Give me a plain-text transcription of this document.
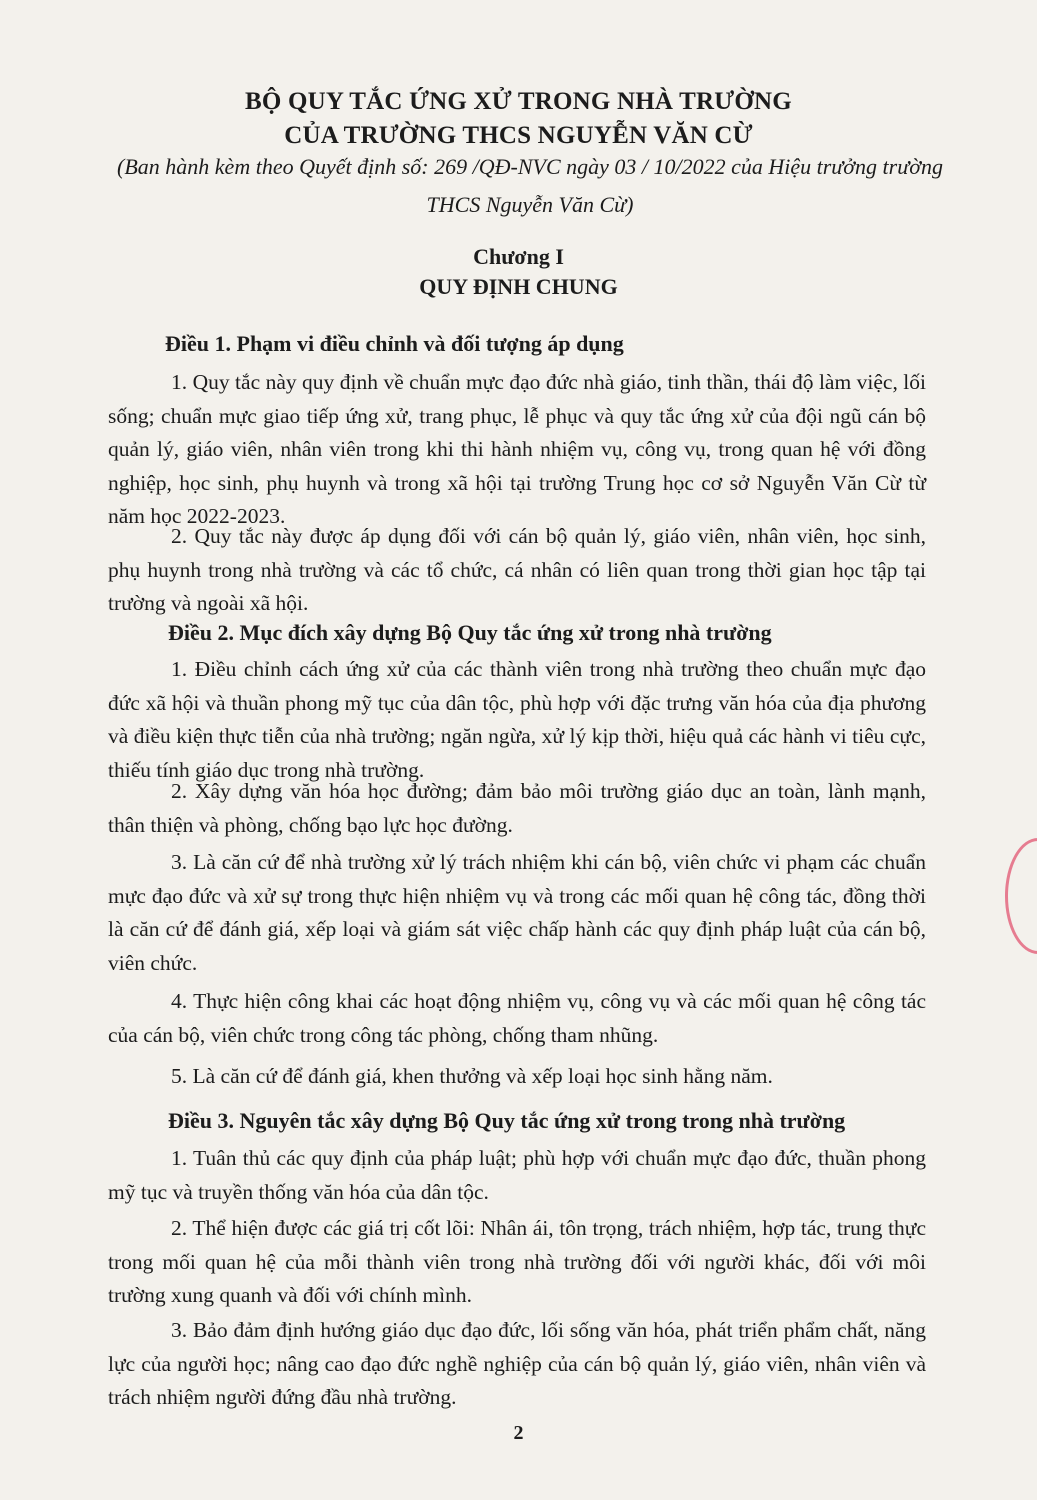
BỘ QUY TẮC ỨNG XỬ TRONG NHÀ TRƯỜNG
CỦA TRƯỜNG THCS NGUYỄN VĂN CỪ
(Ban hành kèm theo Quyết định số: 269 /QĐ-NVC ngày 03 / 10/2022 của Hiệu trưởng trường THCS Nguyễn Văn Cừ)
Chương I
QUY ĐỊNH CHUNG
Điều 1. Phạm vi điều chỉnh và đối tượng áp dụng
1. Quy tắc này quy định về chuẩn mực đạo đức nhà giáo, tinh thần, thái độ làm việc, lối sống; chuẩn mực giao tiếp ứng xử, trang phục, lễ phục và quy tắc ứng xử của đội ngũ cán bộ quản lý, giáo viên, nhân viên trong khi thi hành nhiệm vụ, công vụ, trong quan hệ với đồng nghiệp, học sinh, phụ huynh và trong xã hội tại trường Trung học cơ sở Nguyễn Văn Cừ từ năm học 2022-2023.
2. Quy tắc này được áp dụng đối với cán bộ quản lý, giáo viên, nhân viên, học sinh, phụ huynh trong nhà trường và các tổ chức, cá nhân có liên quan trong thời gian học tập tại trường và ngoài xã hội.
Điều 2. Mục đích xây dựng Bộ Quy tắc ứng xử trong nhà trường
1. Điều chỉnh cách ứng xử của các thành viên trong nhà trường theo chuẩn mực đạo đức xã hội và thuần phong mỹ tục của dân tộc, phù hợp với đặc trưng văn hóa của địa phương và điều kiện thực tiễn của nhà trường; ngăn ngừa, xử lý kịp thời, hiệu quả các hành vi tiêu cực, thiếu tính giáo dục trong nhà trường.
2. Xây dựng văn hóa học đường; đảm bảo môi trường giáo dục an toàn, lành mạnh, thân thiện và phòng, chống bạo lực học đường.
3. Là căn cứ để nhà trường xử lý trách nhiệm khi cán bộ, viên chức vi phạm các chuẩn mực đạo đức và xử sự trong thực hiện nhiệm vụ và trong các mối quan hệ công tác, đồng thời là căn cứ để đánh giá, xếp loại và giám sát việc chấp hành các quy định pháp luật của cán bộ, viên chức.
4. Thực hiện công khai các hoạt động nhiệm vụ, công vụ và các mối quan hệ công tác của cán bộ, viên chức trong công tác phòng, chống tham nhũng.
5. Là căn cứ để đánh giá, khen thưởng và xếp loại học sinh hằng năm.
Điều 3. Nguyên tắc xây dựng Bộ Quy tắc ứng xử trong trong nhà trường
1. Tuân thủ các quy định của pháp luật; phù hợp với chuẩn mực đạo đức, thuần phong mỹ tục và truyền thống văn hóa của dân tộc.
2. Thể hiện được các giá trị cốt lõi: Nhân ái, tôn trọng, trách nhiệm, hợp tác, trung thực trong mối quan hệ của mỗi thành viên trong nhà trường đối với người khác, đối với môi trường xung quanh và đối với chính mình.
3. Bảo đảm định hướng giáo dục đạo đức, lối sống văn hóa, phát triển phẩm chất, năng lực của người học; nâng cao đạo đức nghề nghiệp của cán bộ quản lý, giáo viên, nhân viên và trách nhiệm người đứng đầu nhà trường.
2
